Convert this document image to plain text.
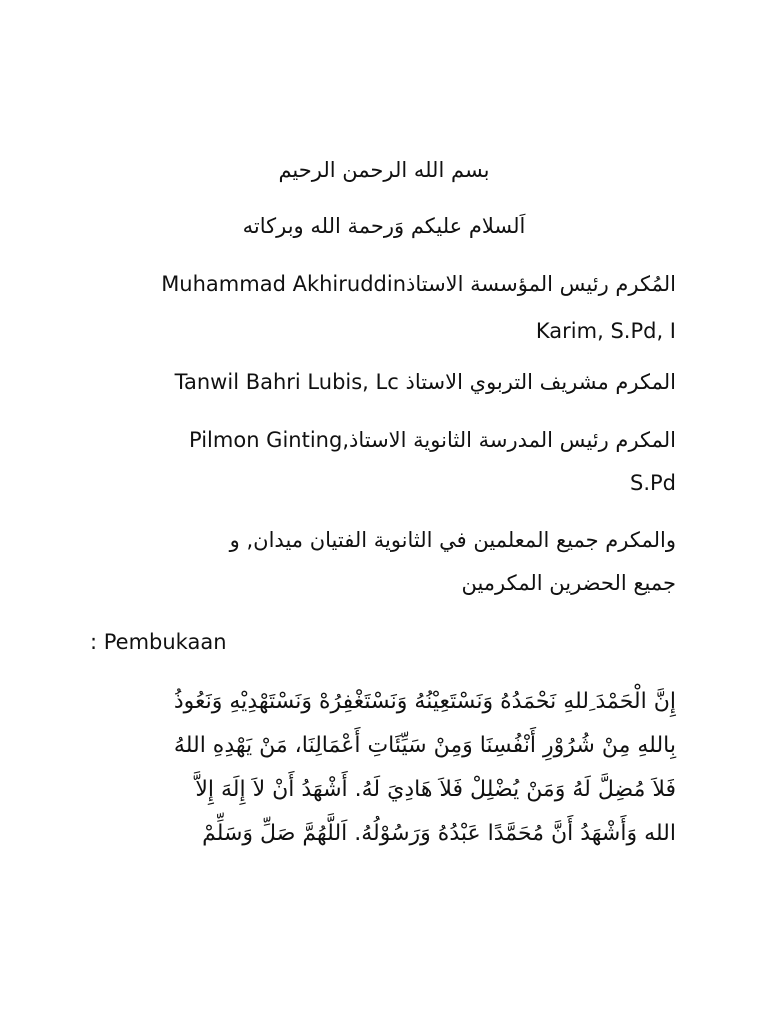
بسم الله الرحمن الرحيم
اَلسلام عليكم وَرحمة الله وبركاته
المُكرم رئيس المؤسسة الاستاذMuhammad Akhiruddin
Karim, S.Pd, I
المكرم مشريف التربوي الاستاذ Tanwil Bahri Lubis, Lc
المكرم رئيس المدرسة الثانوية الاستاذ,Pilmon Ginting
S.Pd
والمكرم جميع المعلمين في الثانوية الفتيان ميدان, و
جميع الحضرين المكرمين
: Pembukaan
إِنَّ الْحَمْدَ ِللهِ نَحْمَدُهُ وَنَسْتَعِيْنُهُ وَنَسْتَغْفِرُهْ وَنَسْتَهْدِيْهِ وَنَعُوذُ
بِاللهِ مِنْ شُرُوْرِ أَنْفُسِنَا وَمِنْ سَيِّئَاتِ أَعْمَالِنَا، مَنْ يَهْدِهِ اللهُ
فَلاَ مُضِلَّ لَهُ وَمَنْ يُضْلِلْ فَلاَ هَادِيَ لَهُ. أَشْهَدُ أَنْ لاَ إِلَهَ إِلاَّ
الله وَأَشْهَدُ أَنَّ مُحَمَّدًا عَبْدُهُ وَرَسُوْلُهُ. اَللَّهُمَّ صَلِّ وَسَلِّمْ
